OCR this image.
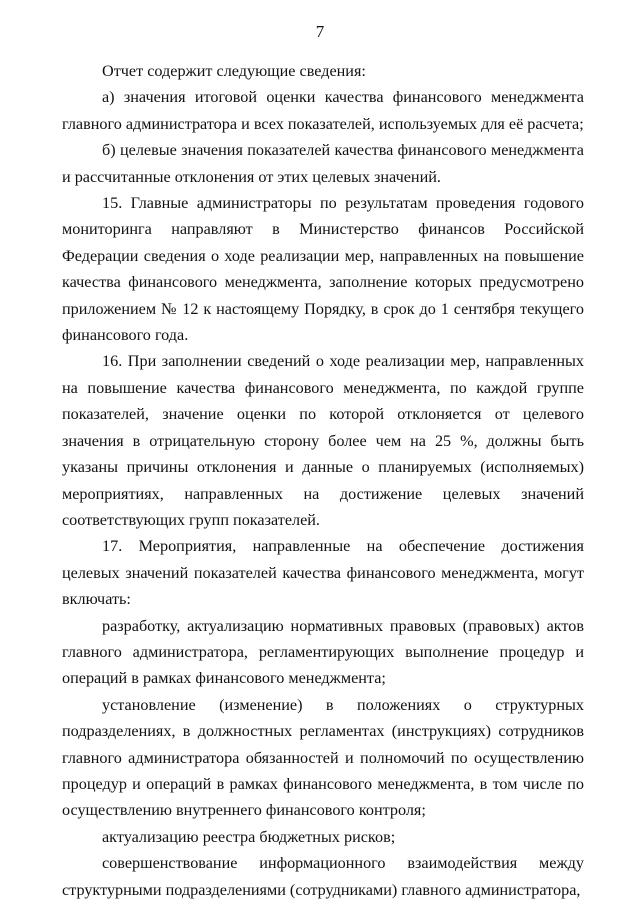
7

Отчет содержит следующие сведения:

а) значения итоговой оценки качества финансового менеджмента главного администратора и всех показателей, используемых для её расчета;

б) целевые значения показателей качества финансового менеджмента и рассчитанные отклонения от этих целевых значений.

15. Главные администраторы по результатам проведения годового мониторинга направляют в Министерство финансов Российской Федерации сведения о ходе реализации мер, направленных на повышение качества финансового менеджмента, заполнение которых предусмотрено приложением № 12 к настоящему Порядку, в срок до 1 сентября текущего финансового года.

16. При заполнении сведений о ходе реализации мер, направленных на повышение качества финансового менеджмента, по каждой группе показателей, значение оценки по которой отклоняется от целевого значения в отрицательную сторону более чем на 25 %, должны быть указаны причины отклонения и данные о планируемых (исполняемых) мероприятиях, направленных на достижение целевых значений соответствующих групп показателей.

17. Мероприятия, направленные на обеспечение достижения целевых значений показателей качества финансового менеджмента, могут включать:

разработку, актуализацию нормативных правовых (правовых) актов главного администратора, регламентирующих выполнение процедур и операций в рамках финансового менеджмента;

установление (изменение) в положениях о структурных подразделениях, в должностных регламентах (инструкциях) сотрудников главного администратора обязанностей и полномочий по осуществлению процедур и операций в рамках финансового менеджмента, в том числе по осуществлению внутреннего финансового контроля;

актуализацию реестра бюджетных рисков;

совершенствование информационного взаимодействия между структурными подразделениями (сотрудниками) главного администратора,
